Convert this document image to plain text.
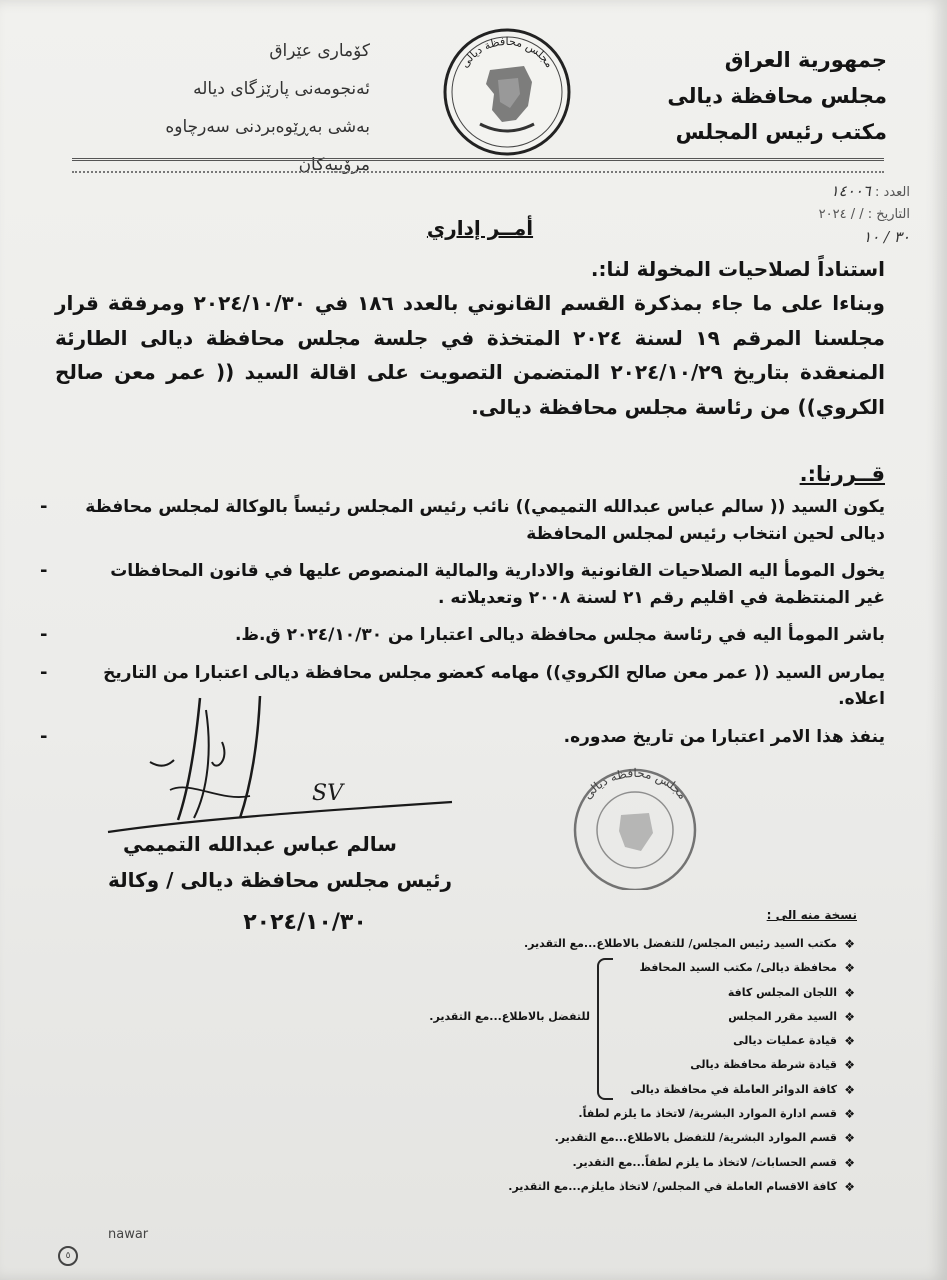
جمهورية العراق
مجلس محافظة ديالى
مكتب رئيس المجلس
كۆماری عێراق
ئەنجومەنی پارێزگای دیالە
بەشی بەڕێوەبردنی سەرچاوە مرۆییەكان
مجلس محافظة ديالى
العدد : ١٤٠٠٦
التاريخ : / / ٢٠٢٤
٣٠ / ١٠
أمــر إداري
استناداً لصلاحيات المخولة لنا:.
وبناءا على ما جاء بمذكرة القسم القانوني بالعدد ١٨٦ في ٢٠٢٤/١٠/٣٠ ومرفقة قرار مجلسنا المرقم ١٩ لسنة ٢٠٢٤ المتخذة في جلسة مجلس محافظة ديالى الطارئة المنعقدة بتاريخ ٢٠٢٤/١٠/٢٩ المتضمن التصويت على اقالة السيد (( عمر معن صالح الكروي)) من رئاسة مجلس محافظة ديالى.
قــررنا:.
- يكون السيد (( سالم عباس عبدالله التميمي)) نائب رئيس المجلس رئيساً بالوكالة لمجلس محافظة ديالى لحين انتخاب رئيس لمجلس المحافظة
-	يخول المومأ اليه الصلاحيات القانونية والادارية والمالية المنصوص عليها في قانون المحافظات غير المنتظمة في اقليم رقم ٢١ لسنة ٢٠٠٨ وتعديلاته .
-	باشر المومأ اليه في رئاسة مجلس محافظة ديالى اعتبارا من ٢٠٢٤/١٠/٣٠ ق.ظ.
-	يمارس السيد (( عمر معن صالح الكروي)) مهامه كعضو مجلس محافظة ديالى اعتبارا من التاريخ اعلاه.
-	ينفذ هذا الامر اعتبارا من تاريخ صدوره.
SV
سالم عباس عبدالله التميمي
رئيس مجلس محافظة ديالى / وكالة
٢٠٢٤/١٠/٣٠
مجلس محافظة ديالى
نسخة منه الى :
❖
مكتب السيد رئيس المجلس/ للتفضل بالاطلاع...مع التقدير.
❖
محافظة ديالى/ مكتب السيد المحافظ
❖
اللجان المجلس كافة
❖
السيد مقرر المجلس
❖
قيادة عمليات ديالى
❖
قيادة شرطة محافظة ديالى
❖
كافة الدوائر العاملة في محافظة ديالى
❖
قسم ادارة الموارد البشرية/ لاتخاذ ما يلزم لطفاً.
❖
قسم الموارد البشرية/ للتفضل بالاطلاع...مع التقدير.
❖
قسم الحسابات/ لاتخاذ ما يلزم لطفاً...مع التقدير.
❖
كافة الاقسام العاملة في المجلس/ لاتخاذ مايلزم...مع التقدير.
للتفضل بالاطلاع...مع التقدير.
nawar
٥
